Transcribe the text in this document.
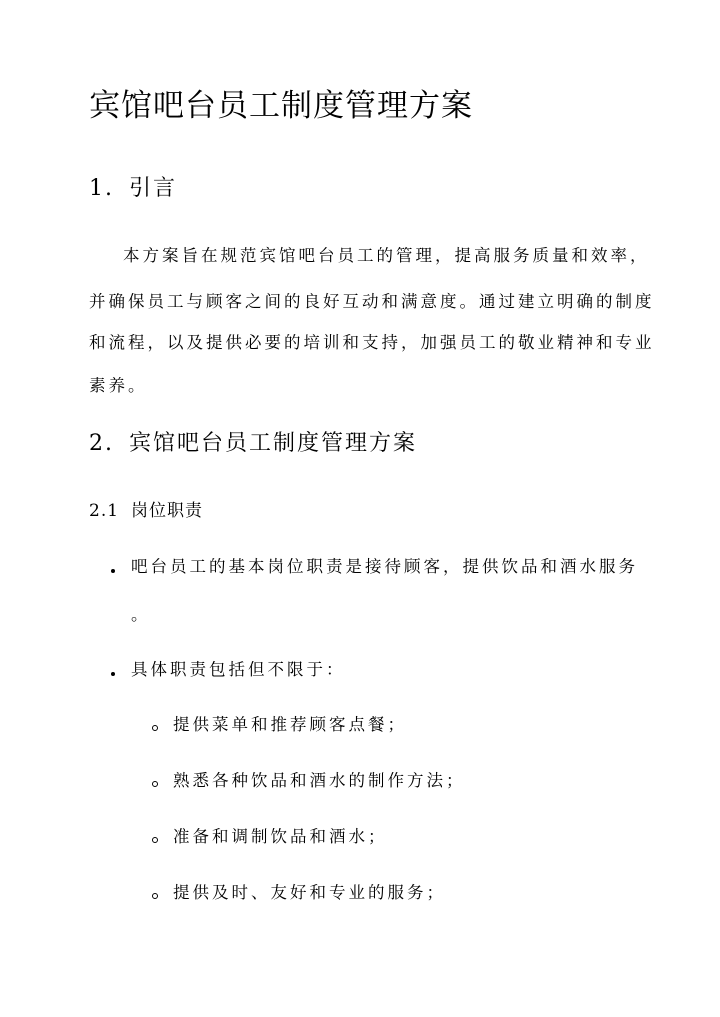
宾馆吧台员工制度管理方案
1. 引言
本方案旨在规范宾馆吧台员工的管理，提高服务质量和效率，
并确保员工与顾客之间的良好互动和满意度。通过建立明确的制度
和流程，以及提供必要的培训和支持，加强员工的敬业精神和专业
素养。
2. 宾馆吧台员工制度管理方案
2.1 岗位职责
吧台员工的基本岗位职责是接待顾客，提供饮品和酒水服务
。
具体职责包括但不限于：
提供菜单和推荐顾客点餐；
熟悉各种饮品和酒水的制作方法；
准备和调制饮品和酒水；
提供及时、友好和专业的服务；
